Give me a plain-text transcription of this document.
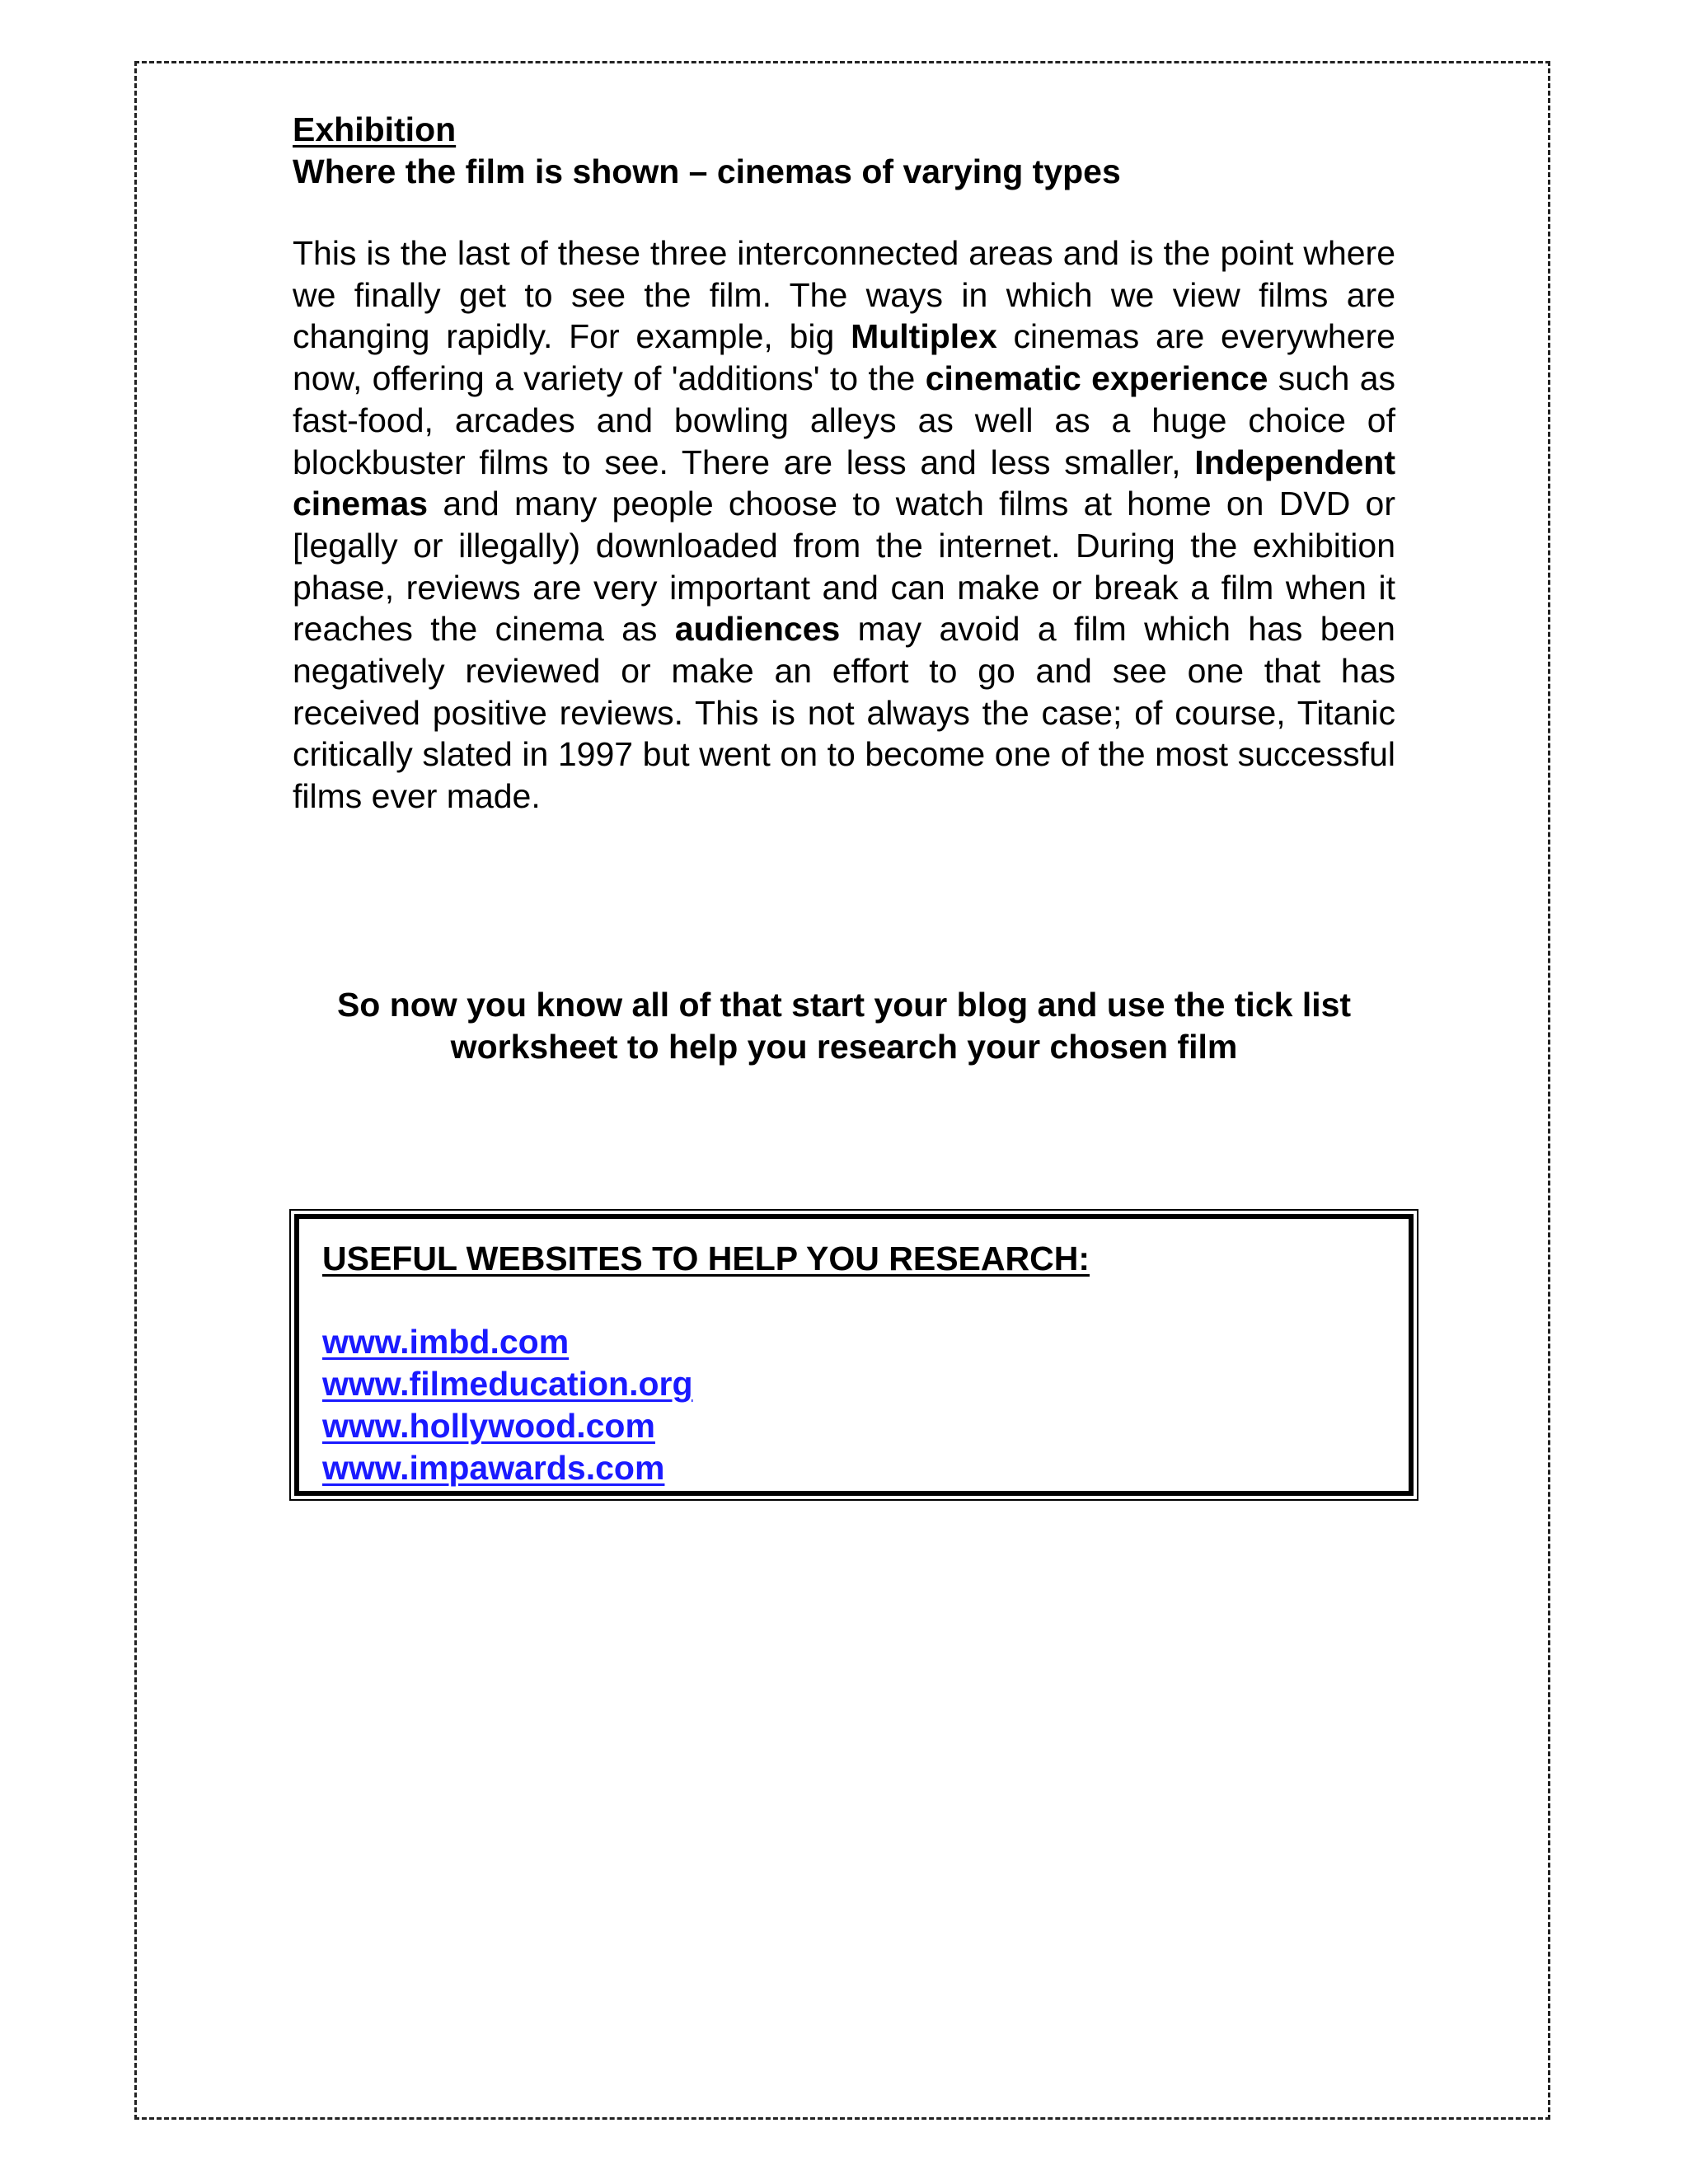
Exhibition

Where the film is shown – cinemas of varying types

This is the last of these three interconnected areas and is the point where we finally get to see the film. The ways in which we view films are changing rapidly. For example, big Multiplex cinemas are everywhere now, offering a variety of 'additions' to the cinematic experience such as fast-food, arcades and bowling alleys as well as a huge choice of blockbuster films to see. There are less and less smaller, Independent cinemas and many people choose to watch films at home on DVD or [legally or illegally) downloaded from the internet. During the exhibition phase, reviews are very important and can make or break a film when it reaches the cinema as audiences may avoid a film which has been negatively reviewed or make an effort to go and see one that has received positive reviews. This is not always the case; of course, Titanic critically slated in 1997 but went on to become one of the most successful films ever made.

So now you know all of that start your blog and use the tick list
worksheet to help you research your chosen film

USEFUL WEBSITES TO HELP YOU RESEARCH:

www.imbd.com
www.filmeducation.org
www.hollywood.com
www.impawards.com
